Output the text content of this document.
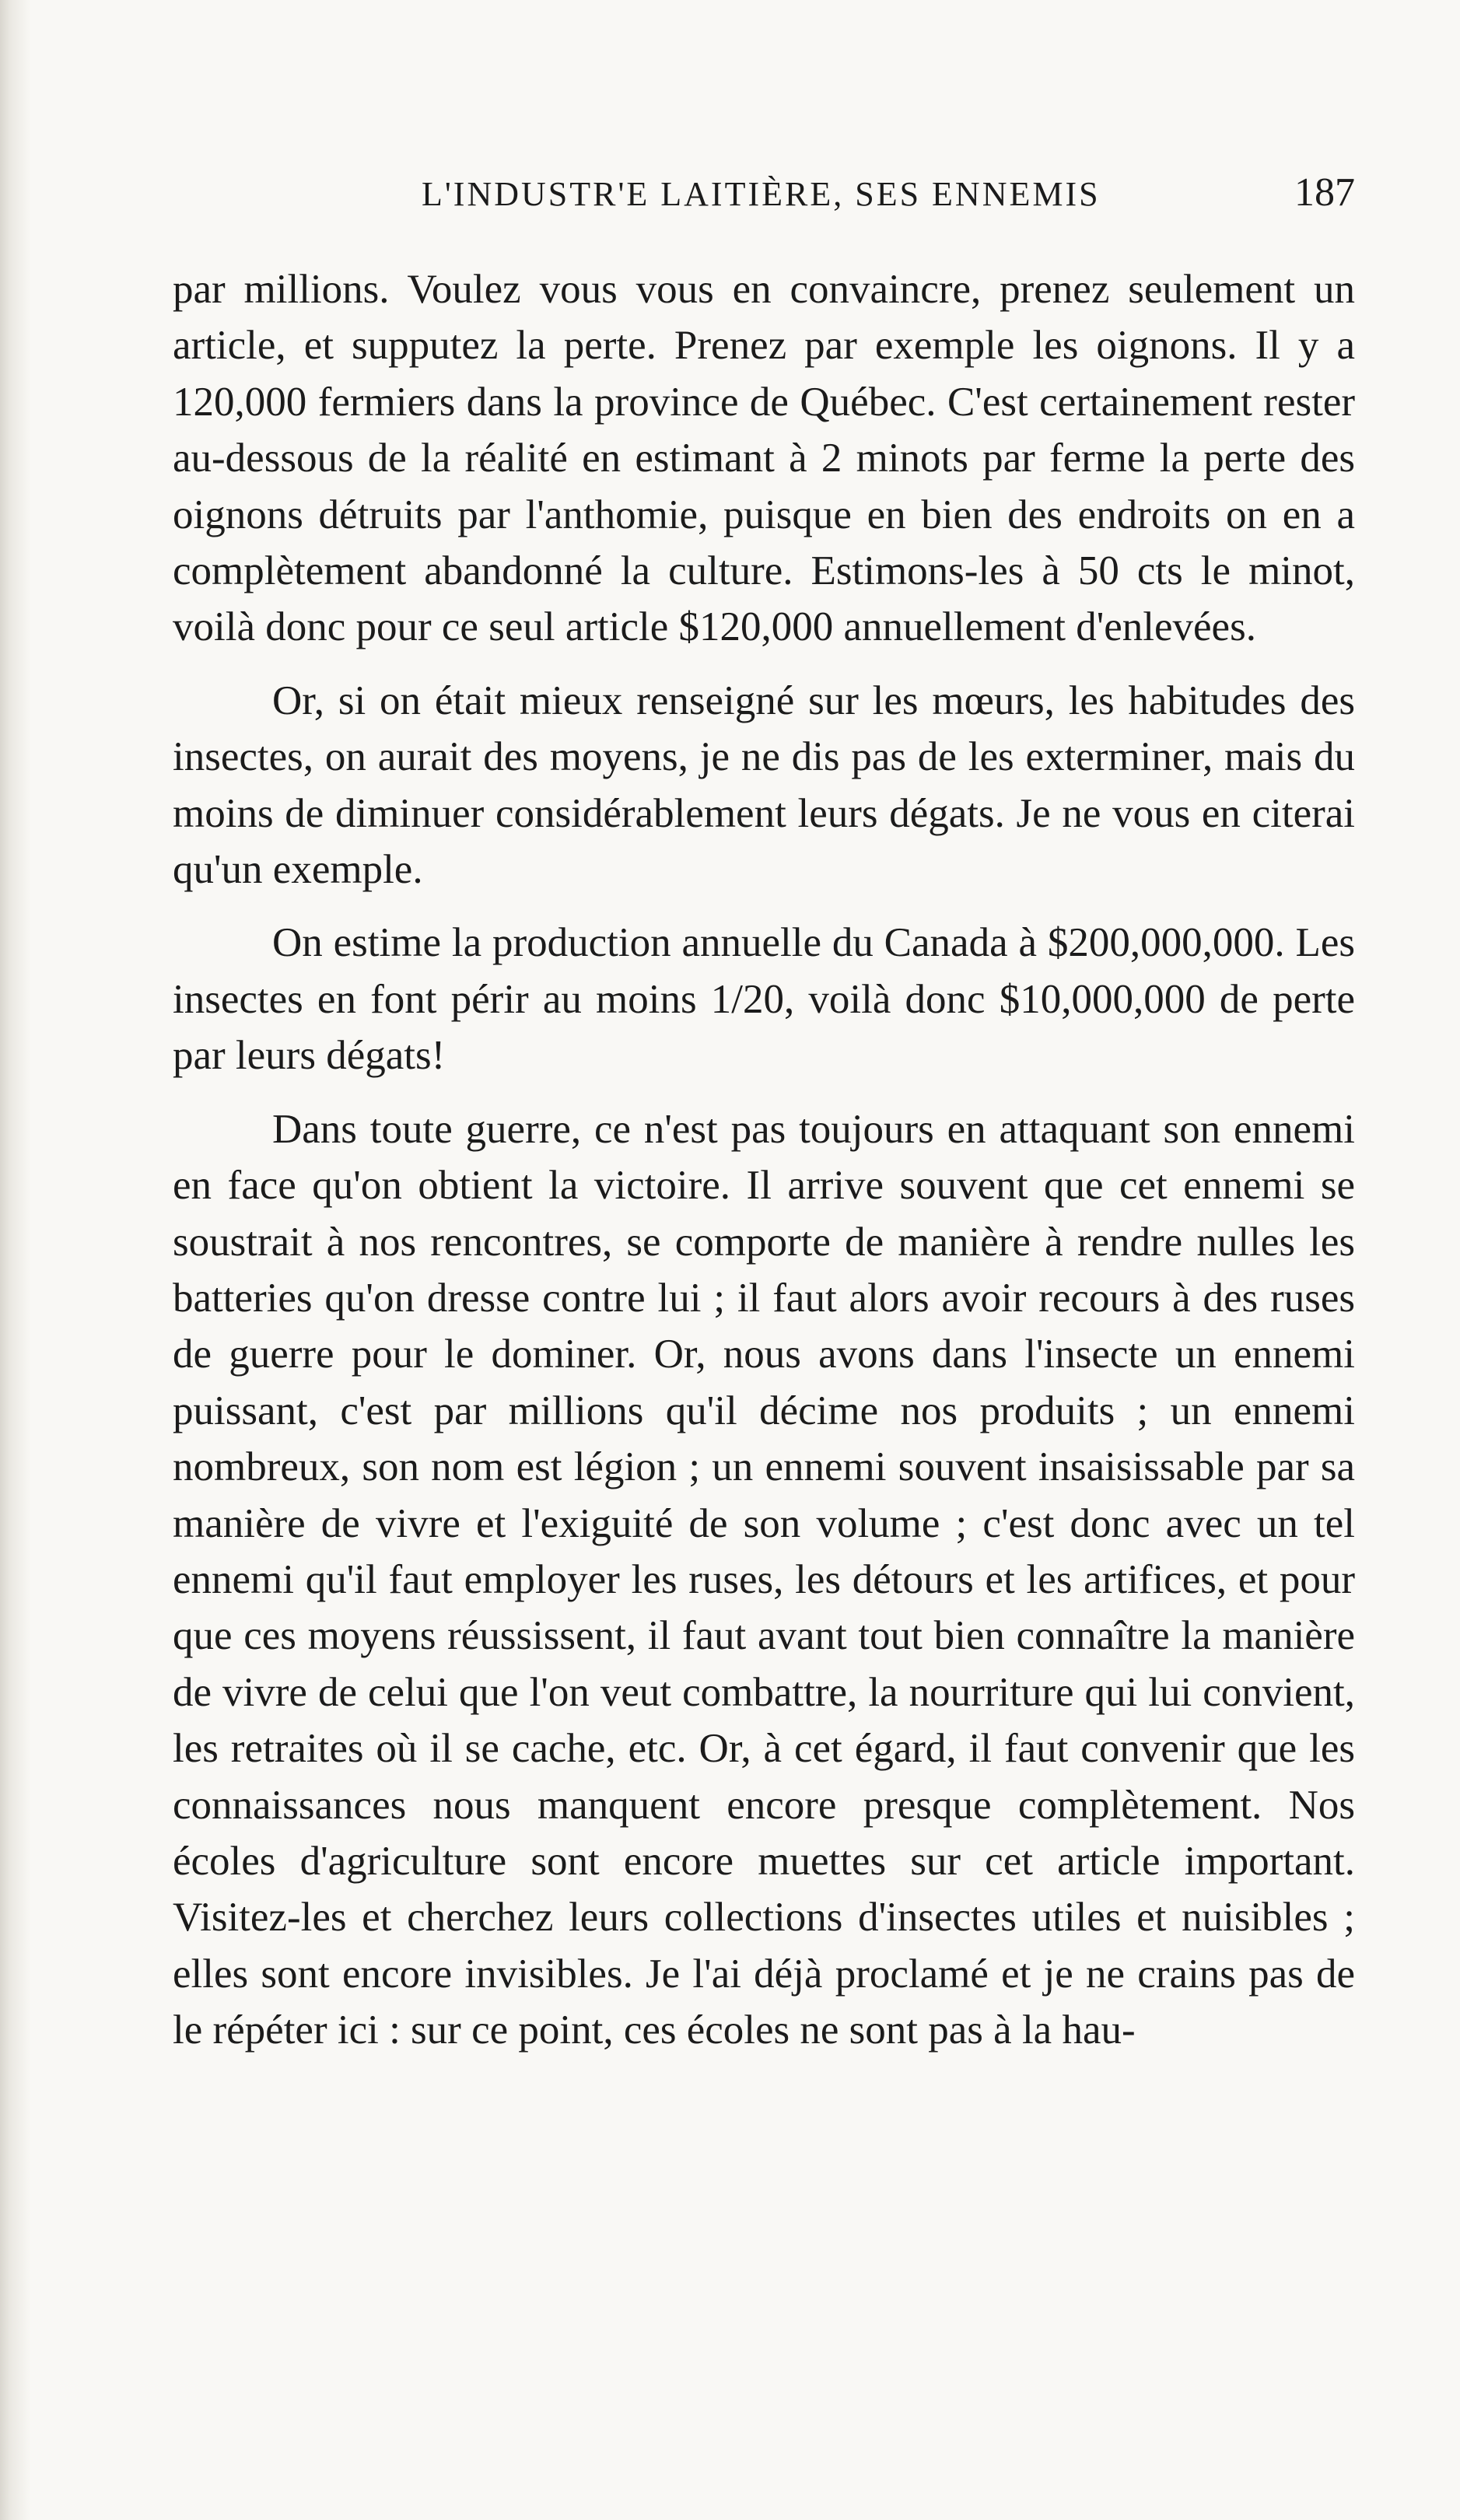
L'INDUSTR'E LAITIÈRE, SES ENNEMIS	187

par millions. Voulez vous vous en convaincre, prenez seulement un article, et supputez la perte. Prenez par exemple les oignons. Il y a 120,000 fermiers dans la province de Québec. C'est certainement rester au-dessous de la réalité en estimant à 2 minots par ferme la perte des oignons détruits par l'anthomie, puisque en bien des endroits on en a complètement abandonné la culture. Estimons-les à 50 cts le minot, voilà donc pour ce seul article $120,000 annuellement d'enlevées.

Or, si on était mieux renseigné sur les mœurs, les habitudes des insectes, on aurait des moyens, je ne dis pas de les exterminer, mais du moins de diminuer considérablement leurs dégats. Je ne vous en citerai qu'un exemple.

On estime la production annuelle du Canada à $200,000,000. Les insectes en font périr au moins 1/20, voilà donc $10,000,000 de perte par leurs dégats!

Dans toute guerre, ce n'est pas toujours en attaquant son ennemi en face qu'on obtient la victoire. Il arrive souvent que cet ennemi se soustrait à nos rencontres, se comporte de manière à rendre nulles les batteries qu'on dresse contre lui ; il faut alors avoir recours à des ruses de guerre pour le dominer. Or, nous avons dans l'insecte un ennemi puissant, c'est par millions qu'il décime nos produits ; un ennemi nombreux, son nom est légion ; un ennemi souvent insaisissable par sa manière de vivre et l'exiguité de son volume ; c'est donc avec un tel ennemi qu'il faut employer les ruses, les détours et les artifices, et pour que ces moyens réussissent, il faut avant tout bien connaître la manière de vivre de celui que l'on veut combattre, la nourriture qui lui convient, les retraites où il se cache, etc. Or, à cet égard, il faut convenir que les connaissances nous manquent encore presque complètement. Nos écoles d'agriculture sont encore muettes sur cet article important. Visitez-les et cherchez leurs collections d'insectes utiles et nuisibles ; elles sont encore invisibles. Je l'ai déjà proclamé et je ne crains pas de le répéter ici : sur ce point, ces écoles ne sont pas à la hau-
